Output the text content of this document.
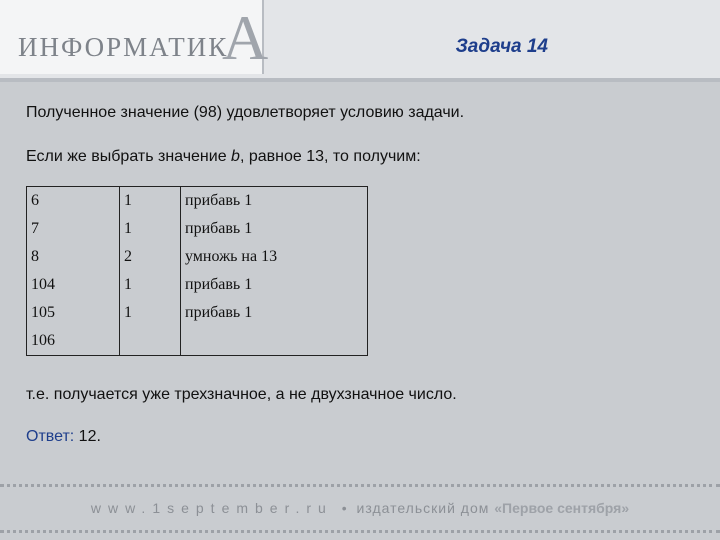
ИНФОРМАТИК
А	Задача 14

Полученное значение (98) удовлетворяет условию задачи.

Если же выбрать значение b, равное 13, то получим:

6	1	прибавь 1
7	1	прибавь 1
8	2	умножь на 13
104	1	прибавь 1
105	1	прибавь 1
106		

т.е. получается уже трехзначное, а не двухзначное число.

Ответ: 12.

www.1september.ru • издательский дом «Первое сентября»
